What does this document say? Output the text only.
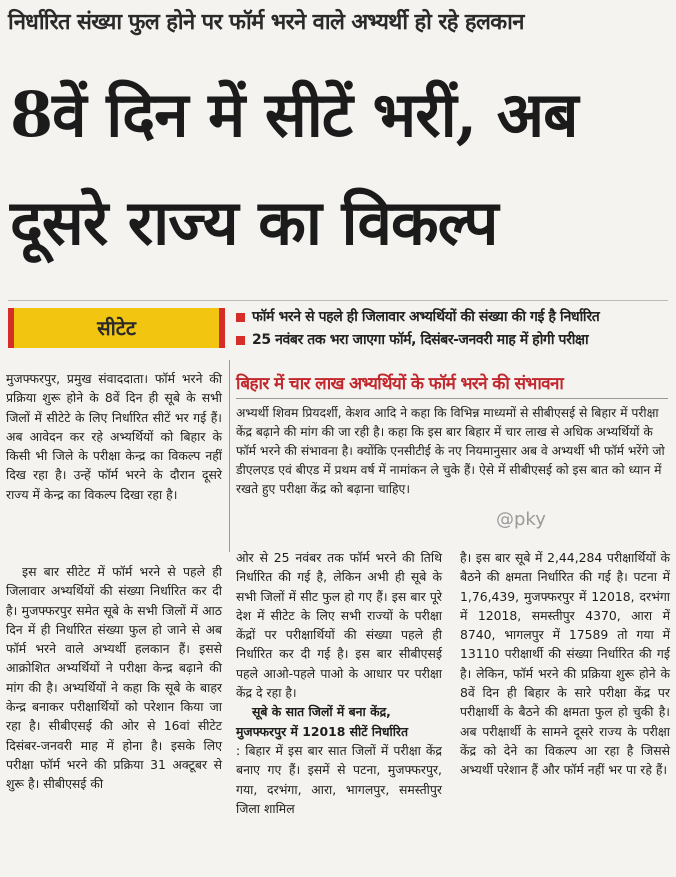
निर्धारित संख्या फुल होने पर फॉर्म भरने वाले अभ्यर्थी हो रहे हलकान
8वें दिन में सीटें भरीं, अब
दूसरे राज्य का विकल्प
सीटेट	फॉर्म भरने से पहले ही जिलावार अभ्यर्थियों की संख्या की गई है निर्धारित
25 नवंबर तक भरा जाएगा फॉर्म, दिसंबर-जनवरी माह में होगी परीक्षा

मुजफ्फरपुर, प्रमुख संवाददाता। फॉर्म भरने की प्रक्रिया शुरू होने के 8वें दिन ही सूबे के सभी जिलों में सीटेटे के लिए निर्धारित सीटें भर गई हैं। अब आवेदन कर रहे अभ्यर्थियों को बिहार के किसी भी जिले के परीक्षा केन्द्र का विकल्प नहीं दिख रहा है। उन्हें फॉर्म भरने के दौरान दूसरे राज्य में केन्द्र का विकल्प दिखा रहा है।

इस बार सीटेट में फॉर्म भरने से पहले ही जिलावार अभ्यर्थियों की संख्या निर्धारित कर दी है। मुजफ्फरपुर समेत सूबे के सभी जिलों में आठ दिन में ही निर्धारित संख्या फुल हो जाने से अब फॉर्म भरने वाले अभ्यर्थी हलकान हैं। इससे आक्रोशित अभ्यर्थियों ने परीक्षा केन्द्र बढ़ाने की मांग की है। अभ्यर्थियों ने कहा कि सूबे के बाहर केन्द्र बनाकर परीक्षार्थियों को परेशान किया जा रहा है। सीबीएसई की ओर से 16वां सीटेट दिसंबर-जनवरी माह में होना है। इसके लिए परीक्षा फॉर्म भरने की प्रक्रिया 31 अक्टूबर से शुरू है। सीबीएसई की

बिहार में चार लाख अभ्यर्थियों के फॉर्म भरने की संभावना
अभ्यर्थी शिवम प्रियदर्शी, केशव आदि ने कहा कि विभिन्न माध्यमों से सीबीएसई से बिहार में परीक्षा केंद्र बढ़ाने की मांग की जा रही है। कहा कि इस बार बिहार में चार लाख से अधिक अभ्यर्थियों के फॉर्म भरने की संभावना है। क्योंकि एनसीटीई के नए नियमानुसार अब वे अभ्यर्थी भी फॉर्म भरेंगे जो डीएलएड एवं बीएड में प्रथम वर्ष में नामांकन ले चुके हैं। ऐसे में सीबीएसई को इस बात को ध्यान में रखते हुए परीक्षा केंद्र को बढ़ाना चाहिए।
@pky

ओर से 25 नवंबर तक फॉर्म भरने की तिथि निर्धारित की गई है, लेकिन अभी ही सूबे के सभी जिलों में सीट फुल हो गए हैं। इस बार पूरे देश में सीटेट के लिए सभी राज्यों के परीक्षा केंद्रों पर परीक्षार्थियों की संख्या पहले ही निर्धारित कर दी गई है। इस बार सीबीएसई पहले आओ-पहले पाओ के आधार पर परीक्षा केंद्र दे रहा है।

सूबे के सात जिलों में बना केंद्र, मुजफ्फरपुर में 12018 सीटें निर्धारित

: बिहार में इस बार सात जिलों में परीक्षा केंद्र बनाए गए हैं। इसमें से पटना, मुजफ्फरपुर, गया, दरभंगा, आरा, भागलपुर, समस्तीपुर जिला शामिल

है। इस बार सूबे में 2,44,284 परीक्षार्थियों के बैठने की क्षमता निर्धारित की गई है। पटना में 1,76,439, मुजफ्फरपुर में 12018, दरभंगा में 12018, समस्तीपुर 4370, आरा में 8740, भागलपुर में 17589 तो गया में 13110 परीक्षार्थी की संख्या निर्धारित की गई है। लेकिन, फॉर्म भरने की प्रक्रिया शुरू होने के 8वें दिन ही बिहार के सारे परीक्षा केंद्र पर परीक्षार्थी के बैठने की क्षमता फुल हो चुकी है। अब परीक्षार्थी के सामने दूसरे राज्य के परीक्षा केंद्र को देने का विकल्प आ रहा है जिससे अभ्यर्थी परेशान हैं और फॉर्म नहीं भर पा रहे हैं।
